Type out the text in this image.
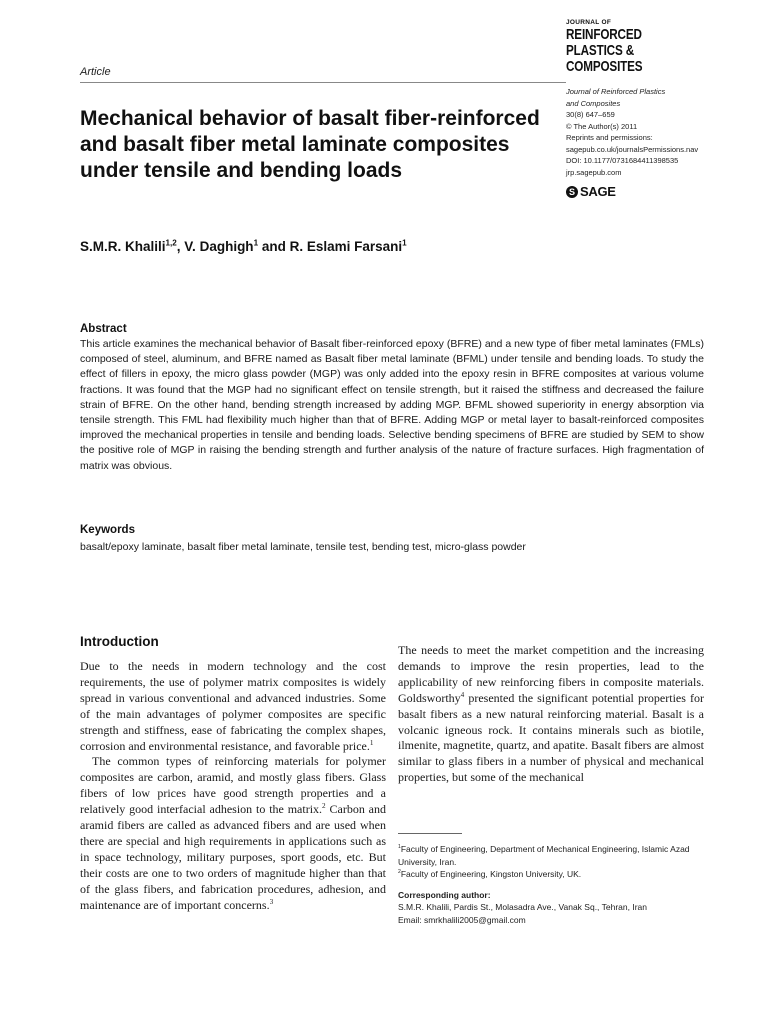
Article
Mechanical behavior of basalt fiber-reinforced and basalt fiber metal laminate composites under tensile and bending loads
S.M.R. Khalili$^{1,2}$, V. Daghigh$^1$ and R. Eslami Farsani$^1$
JOURNAL OF
REINFORCED
PLASTICS &
COMPOSITES
Journal of Reinforced Plastics
and Composites
30(8) 647–659
© The Author(s) 2011
Reprints and permissions:
sagepub.co.uk/journalsPermissions.nav
DOI: 10.1177/0731684411398535
jrp.sagepub.com
S SAGE
Abstract
This article examines the mechanical behavior of Basalt fiber-reinforced epoxy (BFRE) and a new type of fiber metal laminates (FMLs) composed of steel, aluminum, and BFRE named as Basalt fiber metal laminate (BFML) under tensile and bending loads. To study the effect of fillers in epoxy, the micro glass powder (MGP) was only added into the epoxy resin in BFRE composites at various volume fractions. It was found that the MGP had no significant effect on tensile strength, but it raised the stiffness and decreased the failure strain of BFRE. On the other hand, bending strength increased by adding MGP. BFML showed superiority in energy absorption via tensile strength. This FML had flexibility much higher than that of BFRE. Adding MGP or metal layer to basalt-reinforced composites improved the mechanical properties in tensile and bending loads. Selective bending specimens of BFRE are studied by SEM to show the positive role of MGP in raising the bending strength and further analysis of the nature of fracture surfaces. High fragmentation of matrix was obvious.
Keywords
basalt/epoxy laminate, basalt fiber metal laminate, tensile test, bending test, micro-glass powder
Introduction

Due to the needs in modern technology and the cost requirements, the use of polymer matrix composites is widely spread in various conventional and advanced industries. Some of the main advantages of polymer composites are specific strength and stiffness, ease of fabricating the complex shapes, corrosion and environmental resistance, and favorable price.$^1$

The common types of reinforcing materials for polymer composites are carbon, aramid, and mostly glass fibers. Glass fibers of low prices have good strength properties and a relatively good interfacial adhesion to the matrix.$^2$ Carbon and aramid fibers are called as advanced fibers and are used when there are special and high requirements in applications such as in space technology, military purposes, sport goods, etc. But their costs are one to two orders of magnitude higher than that of the glass fibers, and fabrication procedures, adhesion, and maintenance are of important concerns.$^3$

The needs to meet the market competition and the increasing demands to improve the resin properties, lead to the applicability of new reinforcing fibers in composite materials. Goldsworthy$^4$ presented the significant potential properties for basalt fibers as a new natural reinforcing material. Basalt is a volcanic igneous rock. It contains minerals such as biotile, ilmenite, magnetite, quartz, and apatite. Basalt fibers are almost similar to glass fibers in a number of physical and mechanical properties, but some of the mechanical

$^1$Faculty of Engineering, Department of Mechanical Engineering, Islamic Azad University, Iran.

$^2$Faculty of Engineering, Kingston University, UK.

Corresponding author:

S.M.R. Khalili, Pardis St., Molasadra Ave., Vanak Sq., Tehran, Iran

Email: smrkhalili2005@gmail.com
